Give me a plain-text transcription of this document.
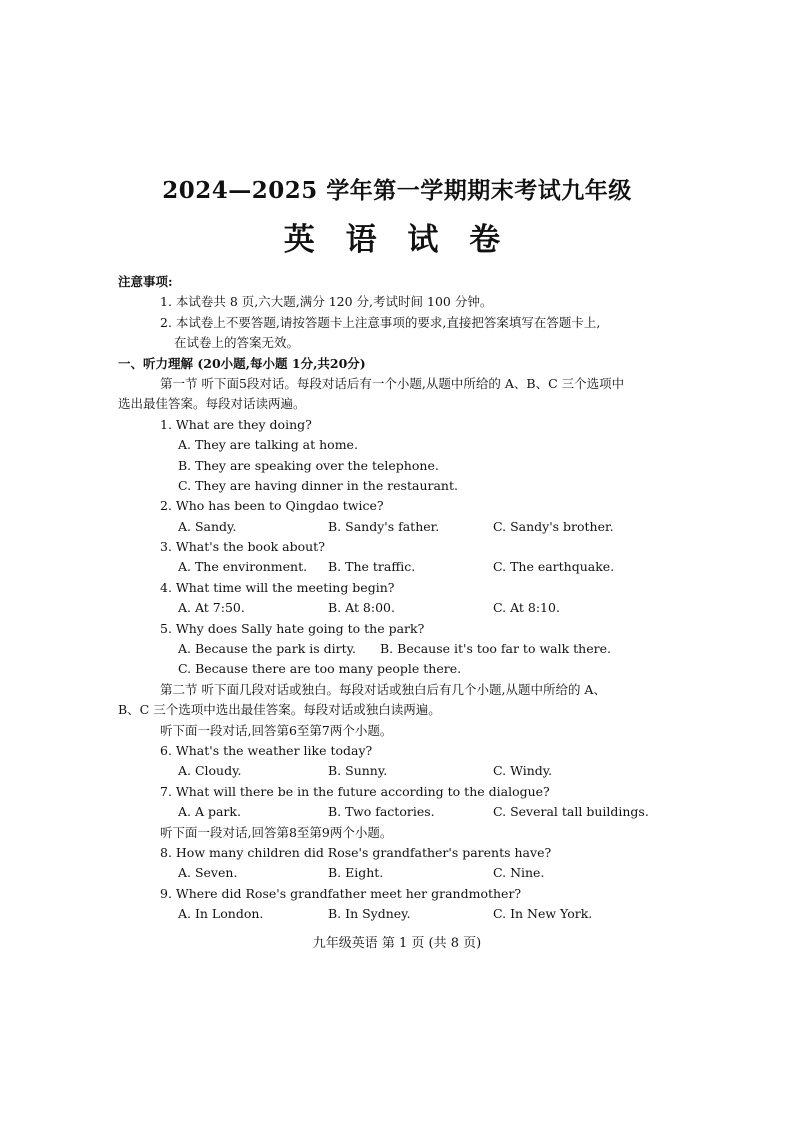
2024—2025 学年第一学期期末考试九年级
英 语 试 卷
注意事项:
1. 本试卷共 8 页,六大题,满分 120 分,考试时间 100 分钟。
2. 本试卷上不要答题,请按答题卡上注意事项的要求,直接把答案填写在答题卡上,
在试卷上的答案无效。
一、听力理解 (20小题,每小题 1分,共20分)
第一节 听下面5段对话。每段对话后有一个小题,从题中所给的 A、B、C 三个选项中
选出最佳答案。每段对话读两遍。
1. What are they doing?
A. They are talking at home.
B. They are speaking over the telephone.
C. They are having dinner in the restaurant.
2. Who has been to Qingdao twice?
A. Sandy.	B. Sandy's father.	C. Sandy's brother.
3. What's the book about?
A. The environment. B. The traffic.	C. The earthquake.
4. What time will the meeting begin?
A. At 7:50.	B. At 8:00.	C. At 8:10.
5. Why does Sally hate going to the park?
A. Because the park is dirty. B. Because it's too far to walk there.
C. Because there are too many people there.
第二节 听下面几段对话或独白。每段对话或独白后有几个小题,从题中所给的 A、
B、C 三个选项中选出最佳答案。每段对话或独白读两遍。
听下面一段对话,回答第6至第7两个小题。
6. What's the weather like today?
A. Cloudy.	B. Sunny.	C. Windy.
7. What will there be in the future according to the dialogue?
A. A park.	B. Two factories.	C. Several tall buildings.
听下面一段对话,回答第8至第9两个小题。
8. How many children did Rose's grandfather's parents have?
A. Seven.	B. Eight.	C. Nine.
9. Where did Rose's grandfather meet her grandmother?
A. In London.	B. In Sydney.	C. In New York.
九年级英语 第 1 页 (共 8 页)
